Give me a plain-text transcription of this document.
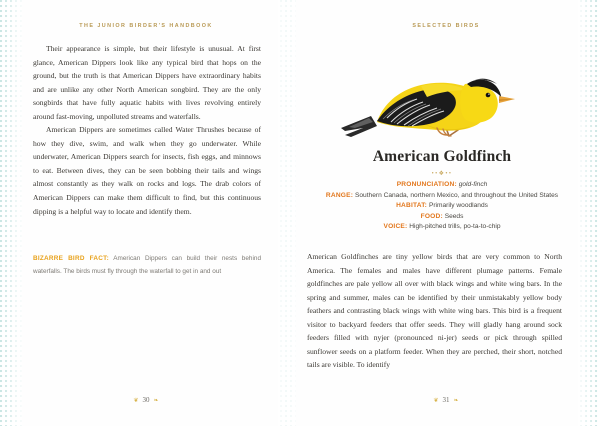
THE JUNIOR BIRDER'S HANDBOOK

Their appearance is simple, but their lifestyle is unusual. At first glance, American Dippers look like any typical bird that hops on the ground, but the truth is that American Dippers have extraordinary habits and are unlike any other North American songbird. They are the only songbirds that have fully aquatic habits with lives revolving entirely around fast-moving, unpolluted streams and waterfalls.

American Dippers are sometimes called Water Thrushes because of how they dive, swim, and walk when they go underwater. While underwater, American Dippers search for insects, fish eggs, and minnows to eat. Between dives, they can be seen bobbing their tails and wings almost constantly as they walk on rocks and logs. The drab colors of American Dippers can make them difficult to find, but this continuous dipping is a helpful way to locate and identify them.

BIZARRE BIRD FACT: American Dippers can build their nests behind waterfalls. The birds must fly through the waterfall to get in and out
❦ 30 ❧
SELECTED BIRDS
American Goldfinch
••❖••
PRONUNCIATION: gold-finch
RANGE: Southern Canada, northern Mexico, and throughout the United States
HABITAT: Primarily woodlands
FOOD: Seeds
VOICE: High-pitched trills, po-ta-to-chip

American Goldfinches are tiny yellow birds that are very common to North America. The females and males have different plumage patterns. Female goldfinches are pale yellow all over with black wings and white wing bars. In the spring and summer, males can be identified by their unmistakably yellow body feathers and contrasting black wings with white wing bars. This bird is a frequent visitor to backyard feeders that offer seeds. They will gladly hang around sock feeders filled with nyjer (pronounced ni-jer) seeds or pick through spilled sunflower seeds on a platform feeder. When they are perched, their short, notched tails are visible. To identify

❦ 31 ❧
